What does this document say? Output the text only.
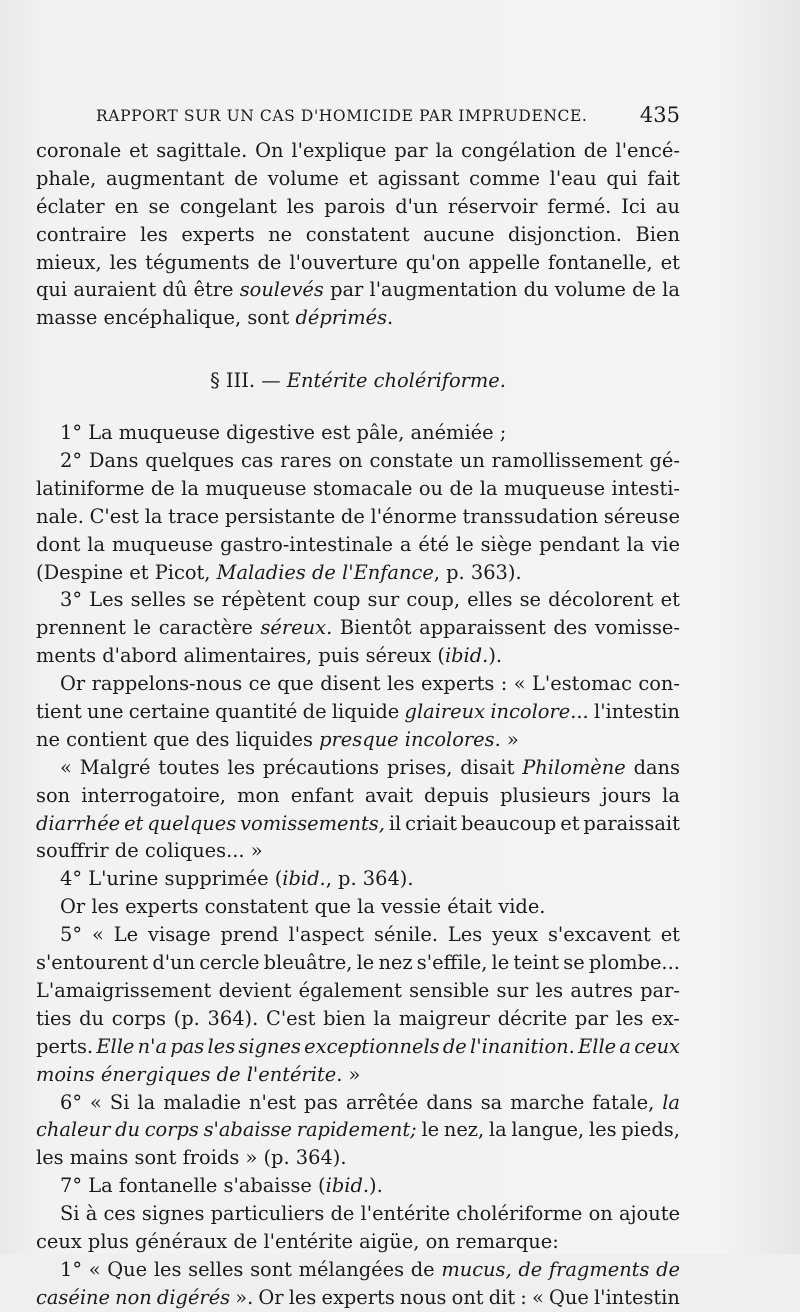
RAPPORT SUR UN CAS D'HOMICIDE PAR IMPRUDENCE. 435
coronale et sagittale. On l'explique par la congélation de l'encé-
phale, augmentant de volume et agissant comme l'eau qui fait
éclater en se congelant les parois d'un réservoir fermé. Ici au
contraire les experts ne constatent aucune disjonction. Bien
mieux, les téguments de l'ouverture qu'on appelle fontanelle, et
qui auraient dû être soulevés par l'augmentation du volume de la
masse encéphalique, sont déprimés .
§ III. — Entérite cholériforme.
1° La muqueuse digestive est pâle, anémiée ;
2° Dans quelques cas rares on constate un ramollissement gé-
latiniforme de la muqueuse stomacale ou de la muqueuse intesti-
nale. C'est la trace persistante de l'énorme transsudation séreuse
dont la muqueuse gastro-intestinale a été le siège pendant la vie
(Despine et Picot, Maladies de l'Enfance , p. 363).
3° Les selles se répètent coup sur coup, elles se décolorent et
prennent le caractère séreux. Bientôt apparaissent des vomisse-
ments d'abord alimentaires, puis séreux ( ibid. ).
Or rappelons-nous ce que disent les experts : « L'estomac con-
tient une certaine quantité de liquide glaireux incolore... l'intestin
ne contient que des liquides presque incolores . »
« Malgré toutes les précautions prises, disait Philomène dans
son interrogatoire, mon enfant avait depuis plusieurs jours la
diarrhée et quelques vomissements, il criait beaucoup et paraissait
souffrir de coliques... »
4° L'urine supprimée ( ibid. , p. 364).
Or les experts constatent que la vessie était vide.
5° « Le visage prend l'aspect sénile. Les yeux s'excavent et
s'entourent d'un cercle bleuâtre, le nez s'effile, le teint se plombe...
L'amaigrissement devient également sensible sur les autres par-
ties du corps (p. 364). C'est bien la maigreur décrite par les ex-
perts. Elle n'a pas les signes exceptionnels de l'inanition. Elle a ceux
moins énergiques de l'entérite . »
6° « Si la maladie n'est pas arrêtée dans sa marche fatale, la
chaleur du corps s'abaisse rapidement; le nez, la langue, les pieds,
les mains sont froids » (p. 364).
7° La fontanelle s'abaisse ( ibid. ).
Si à ces signes particuliers de l'entérite cholériforme on ajoute
ceux plus généraux de l'entérite aigüe, on remarque:
1° « Que les selles sont mélangées de mucus, de fragments de
caséine non digérés ». Or les experts nous ont dit : « Que l'intestin
